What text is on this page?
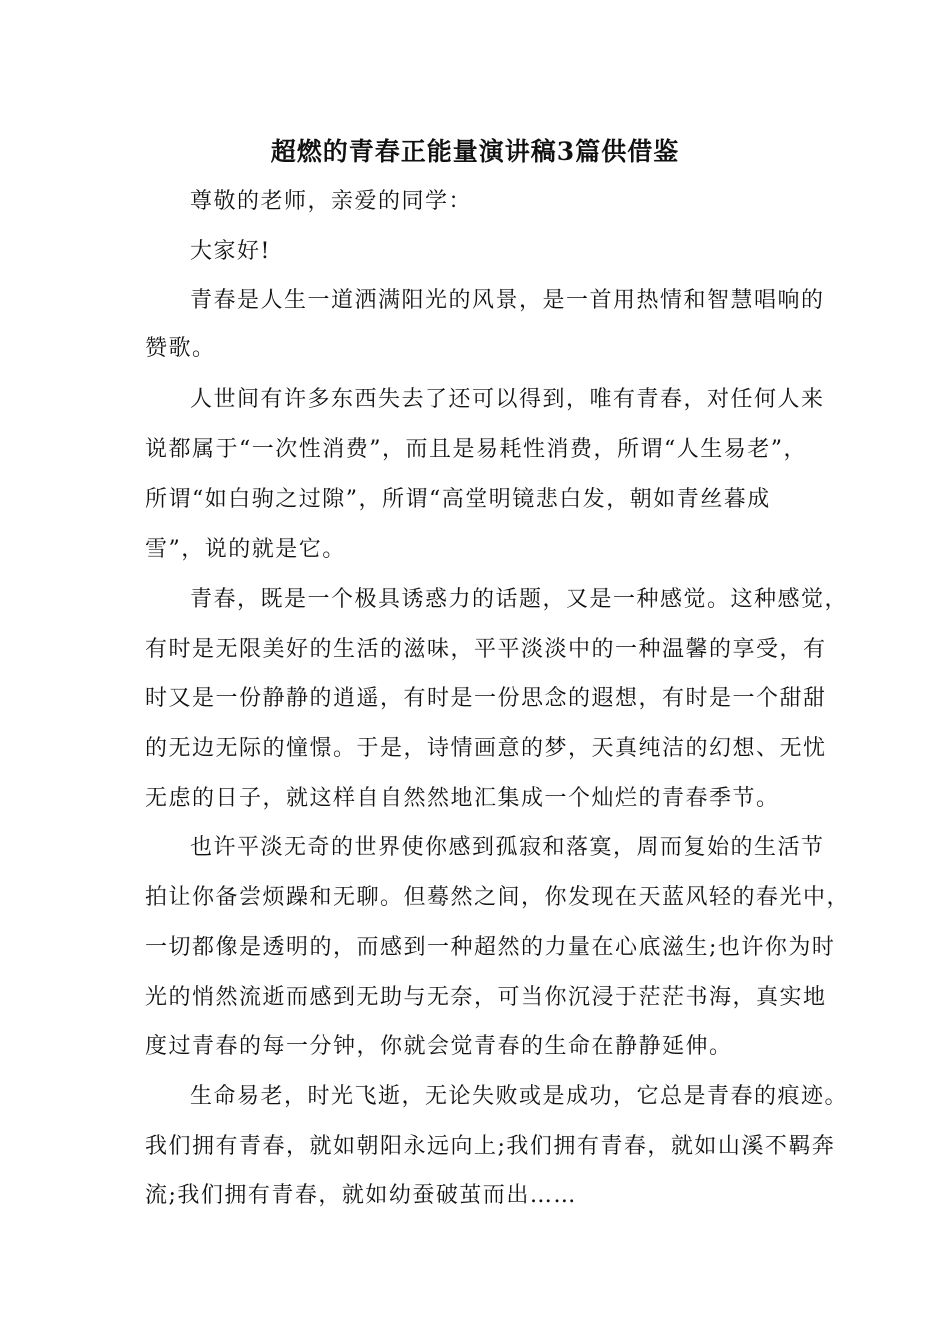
超燃的青春正能量演讲稿3篇供借鉴
尊敬的老师，亲爱的同学：
大家好!
青春是人生一道洒满阳光的风景，是一首用热情和智慧唱响的
赞歌。
人世间有许多东西失去了还可以得到，唯有青春，对任何人来
说都属于“一次性消费”，而且是易耗性消费，所谓“人生易老”，
所谓“如白驹之过隙”，所谓“高堂明镜悲白发，朝如青丝暮成
雪”，说的就是它。
青春，既是一个极具诱惑力的话题，又是一种感觉。这种感觉，
有时是无限美好的生活的滋味，平平淡淡中的一种温馨的享受，有
时又是一份静静的逍遥，有时是一份思念的遐想，有时是一个甜甜
的无边无际的憧憬。于是，诗情画意的梦，天真纯洁的幻想、无忧
无虑的日子，就这样自自然然地汇集成一个灿烂的青春季节。
也许平淡无奇的世界使你感到孤寂和落寞，周而复始的生活节
拍让你备尝烦躁和无聊。但蓦然之间，你发现在天蓝风轻的春光中，
一切都像是透明的，而感到一种超然的力量在心底滋生;也许你为时
光的悄然流逝而感到无助与无奈，可当你沉浸于茫茫书海，真实地
度过青春的每一分钟，你就会觉青春的生命在静静延伸。
生命易老，时光飞逝，无论失败或是成功，它总是青春的痕迹。
我们拥有青春，就如朝阳永远向上;我们拥有青春，就如山溪不羁奔
流;我们拥有青春，就如幼蚕破茧而出……
